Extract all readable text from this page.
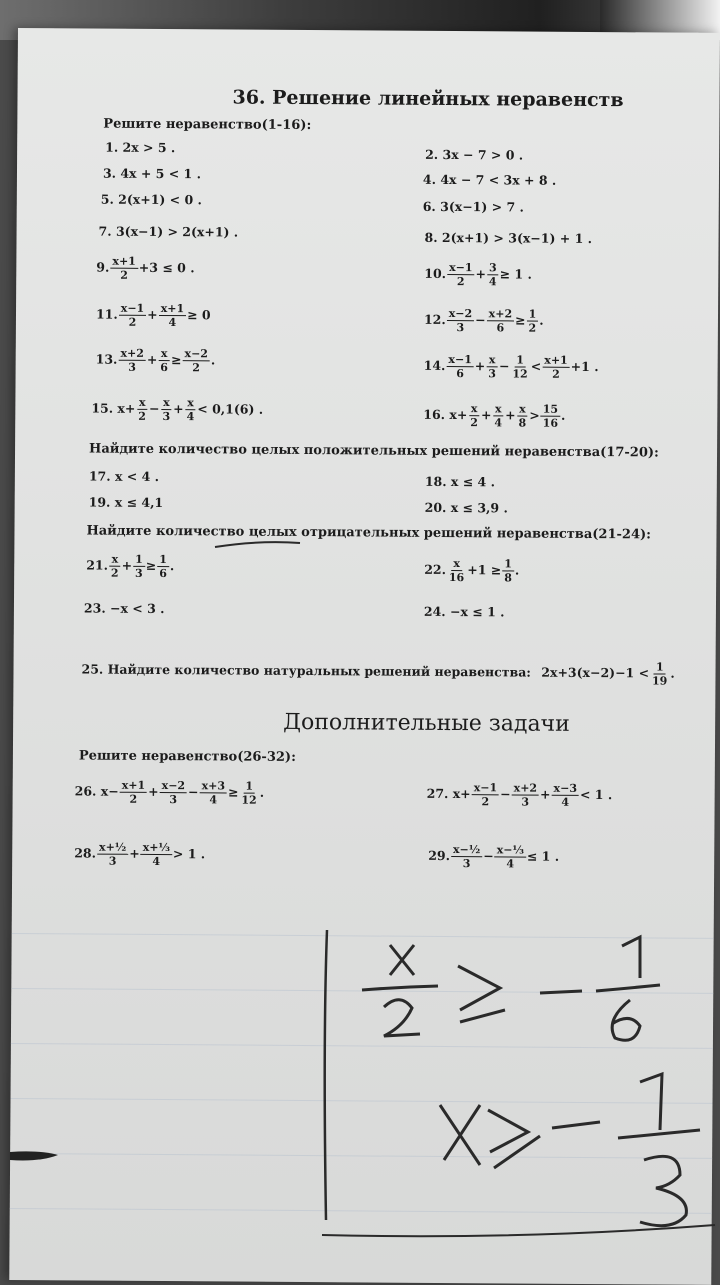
36. Решение линейных неравенств
Решите неравенство(1-16):
1. 2x > 5 .	2. 3x − 7 > 0 .
3. 4x + 5 < 1 .	4. 4x − 7 < 3x + 8 .
5. 2(x+1) < 0 .	6. 3(x−1) > 7 .
7. 3(x−1) > 2(x+1) .	8. 2(x+1) > 3(x−1) + 1 .
9. $\frac{x+1}{2} +3 \le 0$ .	10. $\frac{x-1}{2} + \frac{3}{4} \ge 1$ .
11. $\frac{x-1}{2} + \frac{x+1}{4} \ge 0$	12. $\frac{x-2}{3} - \frac{x+2}{6} \ge \frac{1}{2}$ .
13. $\frac{x+2}{3} + \frac{x}{6} \ge \frac{x-2}{2}$ .	14. $\frac{x-1}{6} + \frac{x}{3} - \frac{1}{12} < \frac{x+1}{2} +1$ .
15. $x+ \frac{x}{2} - \frac{x}{3} + \frac{x}{4} < 0,1(6)$ .	16. $x+ \frac{x}{2} + \frac{x}{4} + \frac{x}{8} > \frac{15}{16}$ .
Найдите количество целых положительных решений неравенства(17-20):
17. x < 4 .	18. x ≤ 4 .
19. x ≤ 4,1	20. x ≤ 3,9 .
Найдите количество целых отрицательных решений неравенства(21-24):
21. $\frac{x}{2} + \frac{1}{3} \ge \frac{1}{6}$ .	22. $\frac{x}{16} +1 \ge \frac{1}{8}$ .
23. −x < 3 .	24. −x ≤ 1 .
25. Найдите количество натуральных решений неравенства: $2x+3(x-2)-1 < \frac{1}{19}$ .
Дополнительные задачи
Решите неравенство(26-32):
26. $x- \frac{x+1}{2} + \frac{x-2}{3} - \frac{x+3}{4} \ge \frac{1}{12}$ .	27. $x+ \frac{x-1}{2} - \frac{x+2}{3} + \frac{x-3}{4} < 1$ .
28. $\frac{\text{x+½}}{3} + \frac{\text{x+⅓}}{4} > 1$ .	29. $\frac{\text{x−½}}{3} - \frac{\text{x−⅓}}{4} \le 1$ .
